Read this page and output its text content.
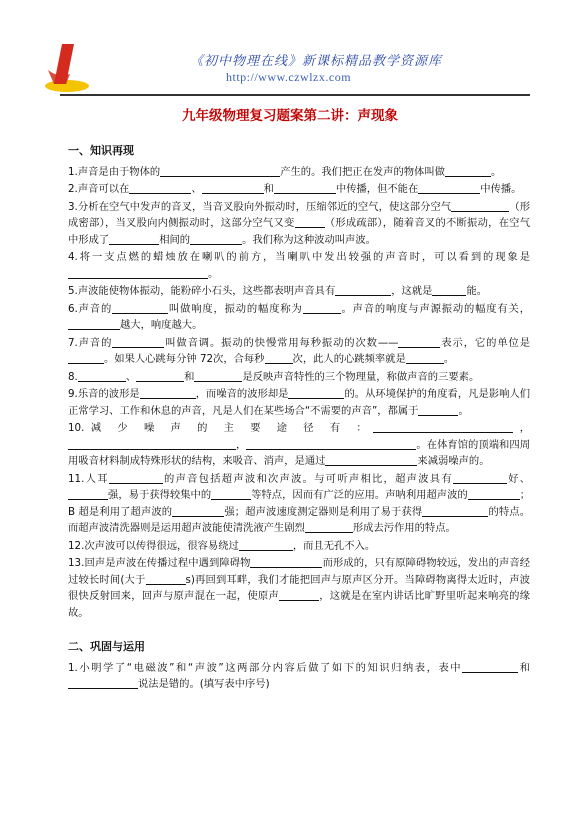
《初中物理在线》新课标精品教学资源库
http://www.czwlzx.com
九年级物理复习题案第二讲：声现象
一、知识再现
1.声音是由于物体的	产生的。我们把正在发声的物体叫做	。
2.声音可以在	、	和	中传播，但不能在	中传播。
3.分析在空气中发声的音叉，当音叉股向外振动时，压缩邻近的空气，使这部分空气	（形成密部），当叉股向内侧振动时，这部分空气又变	（形成疏部），随着音叉的不断振动，在空气中形成了	相间的	。我们称为这种波动叫声波。
4.将一支点燃的蜡烛放在喇叭的前方，当喇叭中发出较强的声音时，可以看到的现象是。
5.声波能使物体振动，能粉碎小石头，这些都表明声音具有	，这就是	能。
6.声音的	叫做响度，振动的幅度称为	。声音的响度与声源振动的幅度有关，越大，响度越大。
7.声音的	叫做音调。振动的快慢常用每秒振动的次数——	表示，它的单位是。如果人心跳每分钟 72次，合每秒	次，此人的心跳频率就是	。
8.	、	和	是反映声音特性的三个物理量，称做声音的三要素。
9.乐音的波形是	，而噪音的波形却是	的。从环境保护的角度看，凡是影响人们正常学习、工作和休息的声音，凡是人们在某些场合“不需要的声音”，都属于	。
10.减 少 噪 声 的 主 要 途 径 有 ：	，，	。在体育馆的顶端和四周用吸音材料制成特殊形状的结构，来吸音、消声，是通过	来减弱噪声的。
11.人耳	的声音包括超声波和次声波。与可听声相比，超声波具有	好、强，易于获得较集中的	等特点，因而有广泛的应用。声呐利用超声波的	；B 超是利用了超声波的	强；超声波速度测定器则是利用了易于获得	的特点。而超声波清洗器则是运用超声波能使清洗液产生剧烈	形成去污作用的特点。
12.次声波可以传得很远，很容易绕过	，而且无孔不入。
13.回声是声波在传播过程中遇到障碍物	而形成的，只有原障碍物较远，发出的声音经过较长时间(大于	s)再回到耳畔，我们才能把回声与原声区分开。当障碍物离得太近时，声波很快反射回来，回声与原声混在一起，使原声	，这就是在室内讲话比旷野里听起来响亮的缘故。
二、巩固与运用
1.小明学了“电磁波”和“声波”这两部分内容后做了如下的知识归纳表，表中	和说法是错的。(填写表中序号)
